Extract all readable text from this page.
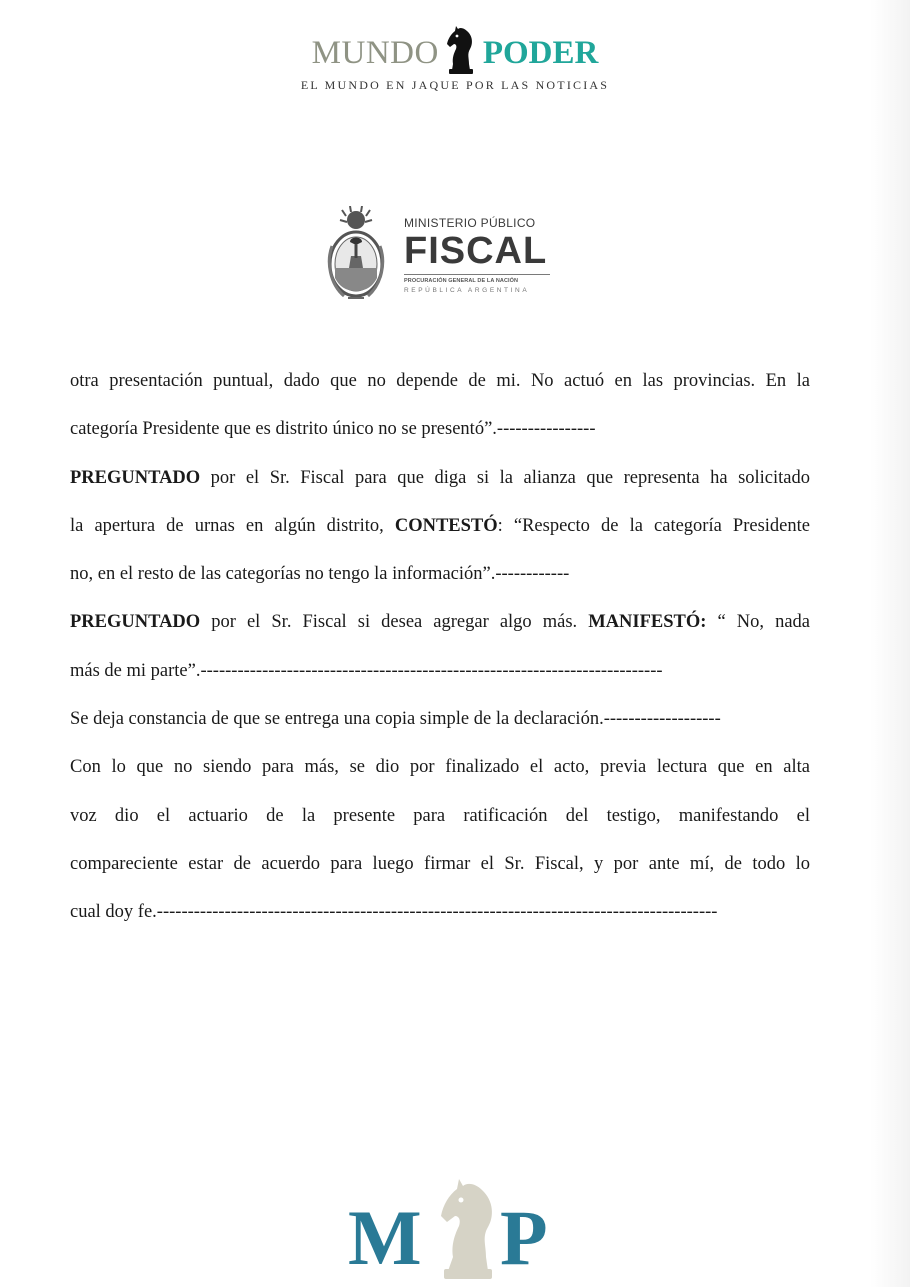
MUNDO PODER
EL MUNDO EN JAQUE POR LAS NOTICIAS
MINISTERIO PÚBLICO
FISCAL
PROCURACIÓN GENERAL DE LA NACIÓN
REPÚBLICA ARGENTINA
otra presentación puntual, dado que no depende de mi. No actuó en las provincias. En la
categoría Presidente que es distrito único no se presentó”.----------------
PREGUNTADO por el Sr. Fiscal para que diga si la alianza que representa ha solicitado
la apertura de urnas en algún distrito, CONTESTÓ: “Respecto de la categoría Presidente
no, en el resto de las categorías no tengo la información”.------------
PREGUNTADO por el Sr. Fiscal si desea agregar algo más. MANIFESTÓ: “ No, nada
más de mi parte”.---------------------------------------------------------------------------
Se deja constancia de que se entrega una copia simple de la declaración.-------------------
Con lo que no siendo para más, se dio por finalizado el acto, previa lectura que en alta
voz dio el actuario de la presente para ratificación del testigo, manifestando el
compareciente estar de acuerdo para luego firmar el Sr. Fiscal, y por ante mí, de todo lo
cual doy fe.-------------------------------------------------------------------------------------------
M P
